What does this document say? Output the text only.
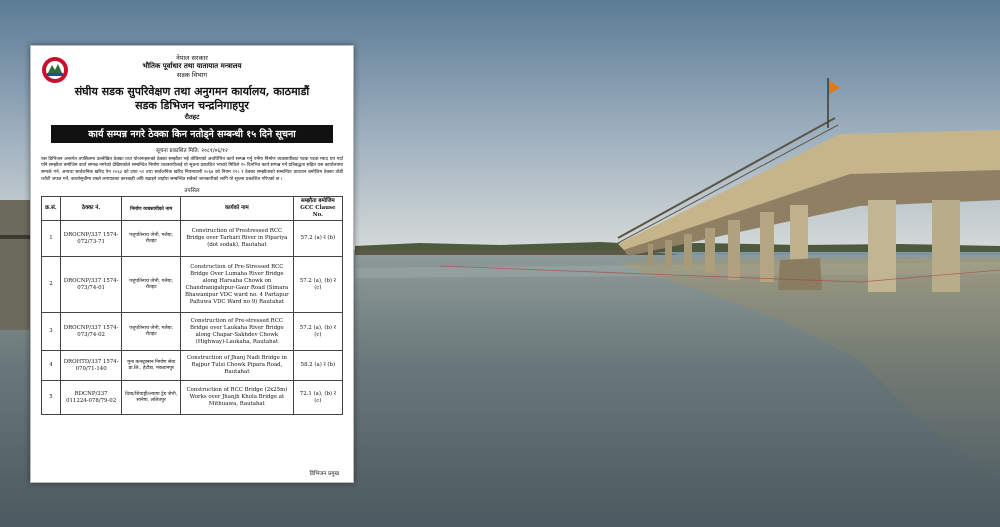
नेपाल सरकार
भौतिक पूर्वाधार तथा यातायात मन्त्रालय
सडक विभाग
संघीय सडक सुपरिवेक्षण तथा अनुगमन कार्यालय, काठमाडौं
सडक डिभिजन चन्द्रनिगाहपुर
रौतहट
कार्य सम्पन्न नगरे ठेक्का किन नतोड्ने सम्बन्धी १५ दिने सूचना
सूचना प्रकाशित मिति: २०८१/०६/१२
यस डिभिजन अन्तर्गत तपसिलमा उल्लेखित ठेक्का तथा योजनाहरूको ठेक्का सम्झौता भई तोकिएको अवधिभित्र कार्य सम्पन्न गर्नु पर्नेमा निर्माण व्यवसायीबाट पटक पटक म्याद थप गर्दा पनि सम्झौता बमोजिम कार्य सम्पन्न नगरेको देखिएकोले सम्बन्धित निर्माण व्यवसायीलाई यो सूचना प्रकाशित भएको मितिले १५ दिनभित्र कार्य सम्पन्न गर्ने प्रतिबद्धता सहित यस कार्यालयमा सम्पर्क गर्न, अन्यथा सार्वजनिक खरिद ऐन २०६३ को दफा ५९ तथा सार्वजनिक खरिद नियमावली २०६४ को नियम १२८ र ठेक्का सम्झौताको सम्बन्धित प्रावधान बमोजिम ठेक्का तोडी धरौटी जफत गर्ने, कालोसूचीमा राख्ने लगायतका कारबाही अघि बढाइने व्यहोरा सम्बन्धित सबैको जानकारीको लागि यो सूचना प्रकाशित गरिएको छ ।
तपसिल
क्र.सं.	ठेक्का नं.	निर्माण व्यवसायीको नाम	कार्यको नाम	सम्झौता बमोजिम GCC Clause No.
1	DROCNP/337 1574-072/73-71	पशुपतिनाथ जेभी, गलैया, रौतहट	Construction of Prestressed RCC Bridge over Tarhari River in Pipariya (dot sodak), Rautahat	57.2 (a) र (b)
2	DROCNP/337 1574-073/74-01	पशुपतिनाथ जेभी, गलैया, रौतहट	Construction of Pre-Stressed RCC Bridge Over Lumaha River Bridge along Harsaha Chowk on Chandranigahpur-Gaur Road (Simara Bhawanipur VDC ward no. 4 Partapur Paltuwa VDC Ward no 9) Rautahat	57.2 (a), (b) र (c)
3	DROCNP/337 1574-073/74-02	पशुपतिनाथ जेभी, गलैया, रौतहट	Construction of Pre-stressed RCC Bridge over Laukaha River Bridge along Chapar-Sakhdev Chowk (Highway)-Laukaha, Rautahat	57.2 (a), (b) र (c)
4	DROHTD/337 1574-070/71-140	मुना कन्स्ट्रक्सन निर्माण सेवा प्रा.लि., हेटौंडा, मकवानपुर	Construction of Jhanj Nadi Bridge in Rajpur Tulsi Chowk Pipara Road, Rautahat	58.2 (a) र (b)
5	RDCNP/337 011224-078/79-02	दिव्य/शिवाङ्गी/ल्यामा ट्रेड जेभी, सानेपा, ललितपुर	Construction of RCC Bridge (2x25m) Works over Jhanjh Khola Bridge at Mithuawa, Rautahat	72.1 (a), (b) र (c)
डिभिजन प्रमुख
